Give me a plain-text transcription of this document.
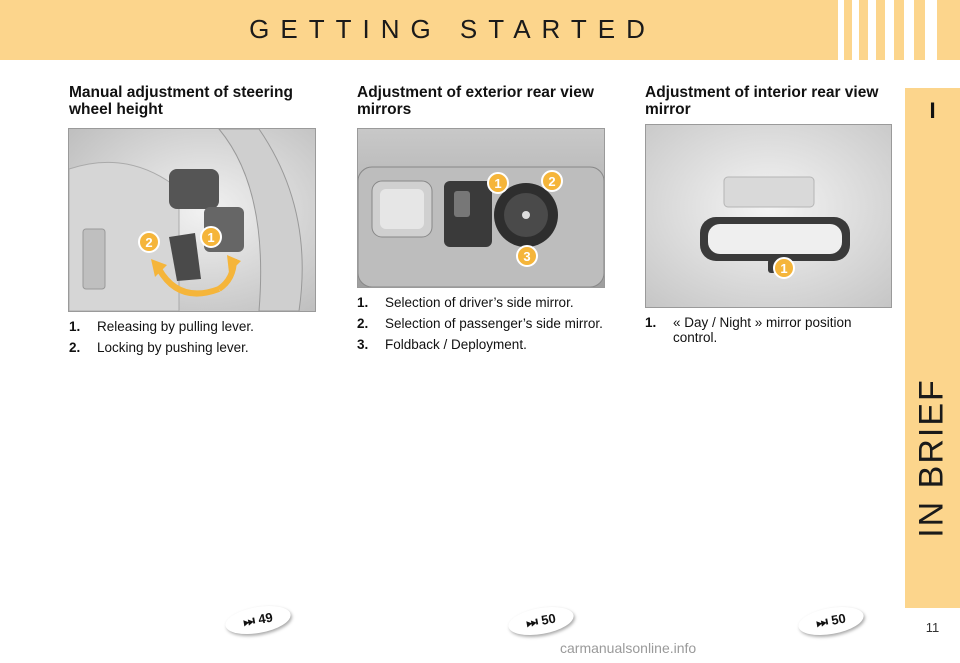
GETTING STARTED
I
IN BRIEF
Manual adjustment of steering wheel height
2	1
1. Releasing by pulling lever.
2. Locking by pushing lever.
⏭ 49
Adjustment of exterior rear view mirrors
1	2
3
1. Selection of driver’s side mirror.
2. Selection of passenger’s side mirror.
3. Foldback / Deployment.
⏭ 50
Adjustment of interior rear view mirror
1
1. « Day / Night » mirror position control.
⏭ 50	11
carmanualsonline.info
